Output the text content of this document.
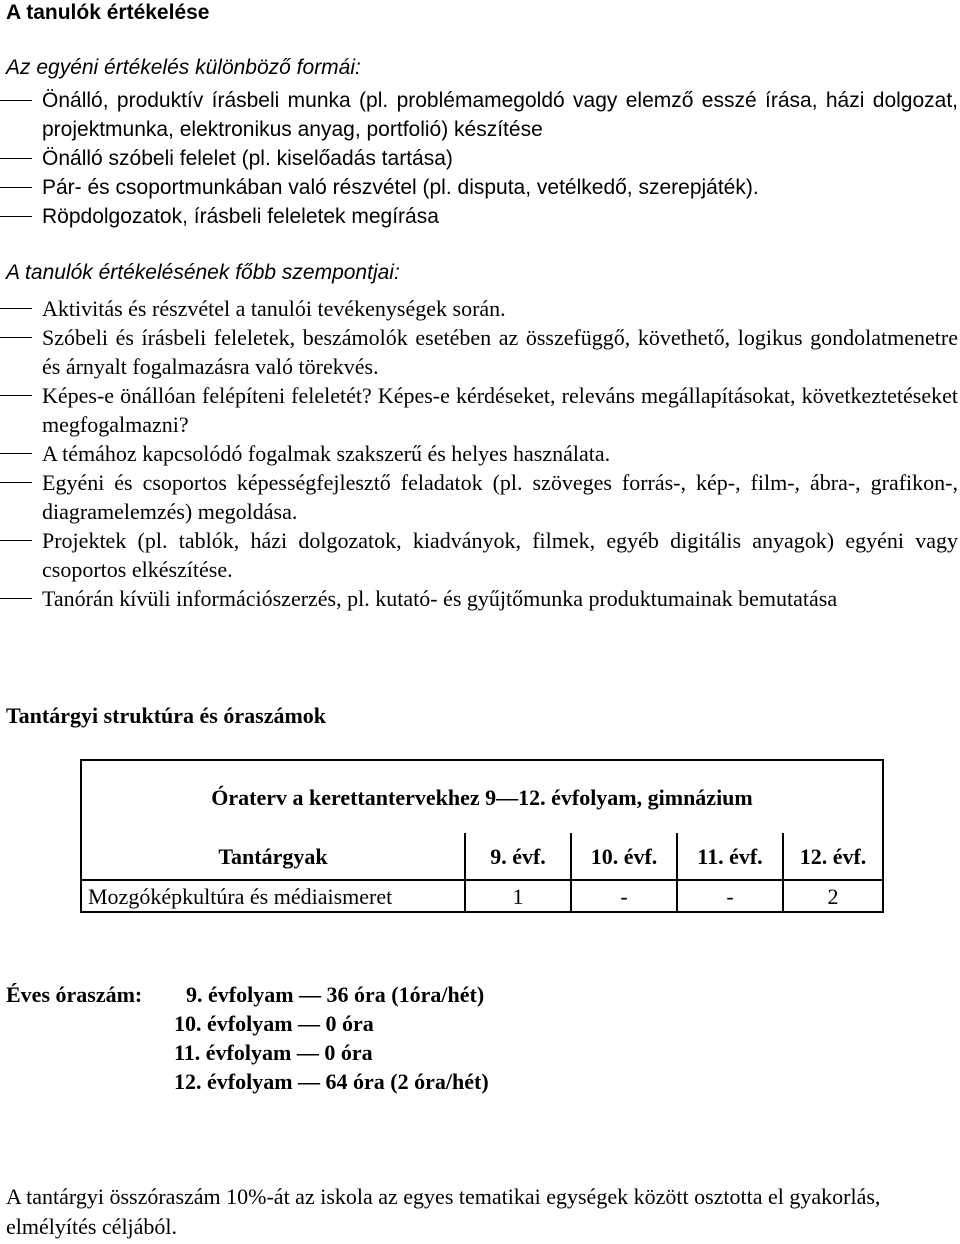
A tanulók értékelése
Az egyéni értékelés különböző formái:
Önálló, produktív írásbeli munka (pl. problémamegoldó vagy elemző esszé írása, házi dolgozat, projektmunka, elektronikus anyag, portfolió) készítése
Önálló szóbeli felelet (pl. kiselőadás tartása)
Pár- és csoportmunkában való részvétel (pl. disputa, vetélkedő, szerepjáték).
Röpdolgozatok, írásbeli feleletek megírása
A tanulók értékelésének főbb szempontjai:
Aktivitás és részvétel a tanulói tevékenységek során.
Szóbeli és írásbeli feleletek, beszámolók esetében az összefüggő, követhető, logikus gondolatmenetre és árnyalt fogalmazásra való törekvés.
Képes-e önállóan felépíteni feleletét? Képes-e kérdéseket, releváns megállapításokat, következtetéseket megfogalmazni?
A témához kapcsolódó fogalmak szakszerű és helyes használata.
Egyéni és csoportos képességfejlesztő feladatok (pl. szöveges forrás-, kép-, film-, ábra-, grafikon-, diagramelemzés) megoldása.
Projektek (pl. tablók, házi dolgozatok, kiadványok, filmek, egyéb digitális anyagok) egyéni vagy csoportos elkészítése.
Tanórán kívüli információszerzés, pl. kutató- és gyűjtőmunka produktumainak bemutatása
Tantárgyi struktúra és óraszámok
Óraterv a kerettantervekhez 9—12. évfolyam, gimnázium				
Tantárgyak	9. évf.	10. évf.	11. évf.	12. évf.
Mozgóképkultúra és médiaismeret	1	-	-	2
Éves óraszám: 9. évfolyam — 36 óra (1óra/hét)
10. évfolyam — 0 óra
11. évfolyam — 0 óra
12. évfolyam — 64 óra (2 óra/hét)
A tantárgyi összóraszám 10%-át az iskola az egyes tematikai egységek között osztotta el gyakorlás, elmélyítés céljából.
